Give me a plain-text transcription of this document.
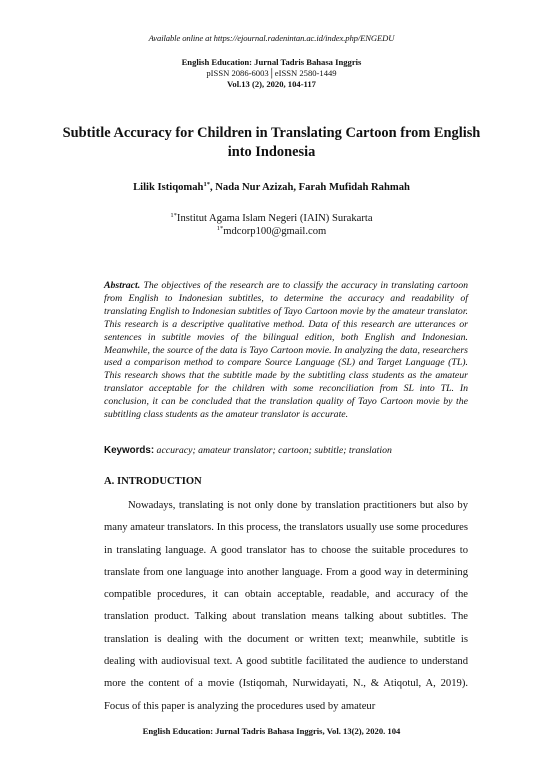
Available online at https://ejournal.radenintan.ac.id/index.php/ENGEDU
English Education: Jurnal Tadris Bahasa Inggris
pISSN 2086-6003│eISSN 2580-1449
Vol.13 (2), 2020, 104-117
Subtitle Accuracy for Children in Translating Cartoon from English into Indonesia
Lilik Istiqomah$^{1*}$, Nada Nur Azizah, Farah Mufidah Rahmah
$^{1*}$Institut Agama Islam Negeri (IAIN) Surakarta
$^{1*}$mdcorp100@gmail.com
Abstract. The objectives of the research are to classify the accuracy in translating cartoon from English to Indonesian subtitles, to determine the accuracy and readability of translating English to Indonesian subtitles of Tayo Cartoon movie by the amateur translator. This research is a descriptive qualitative method. Data of this research are utterances or sentences in subtitle movies of the bilingual edition, both English and Indonesian. Meanwhile, the source of the data is Tayo Cartoon movie. In analyzing the data, researchers used a comparison method to compare Source Language (SL) and Target Language (TL). This research shows that the subtitle made by the subtitling class students as the amateur translator acceptable for the children with some reconciliation from SL into TL. In conclusion, it can be concluded that the translation quality of Tayo Cartoon movie by the subtitling class students as the amateur translator is accurate.
Keywords: accuracy; amateur translator; cartoon; subtitle; translation
A. INTRODUCTION

Nowadays, translating is not only done by translation practitioners but also by many amateur translators. In this process, the translators usually use some procedures in translating language. A good translator has to choose the suitable procedures to translate from one language into another language. From a good way in determining compatible procedures, it can obtain acceptable, readable, and accuracy of the translation product. Talking about translation means talking about subtitles. The translation is dealing with the document or written text; meanwhile, subtitle is dealing with audiovisual text. A good subtitle facilitated the audience to understand more the content of a movie (Istiqomah, Nurwidayati, N., & Atiqotul, A, 2019). Focus of this paper is analyzing the procedures used by amateur

English Education: Jurnal Tadris Bahasa Inggris, Vol. 13(2), 2020. 104
